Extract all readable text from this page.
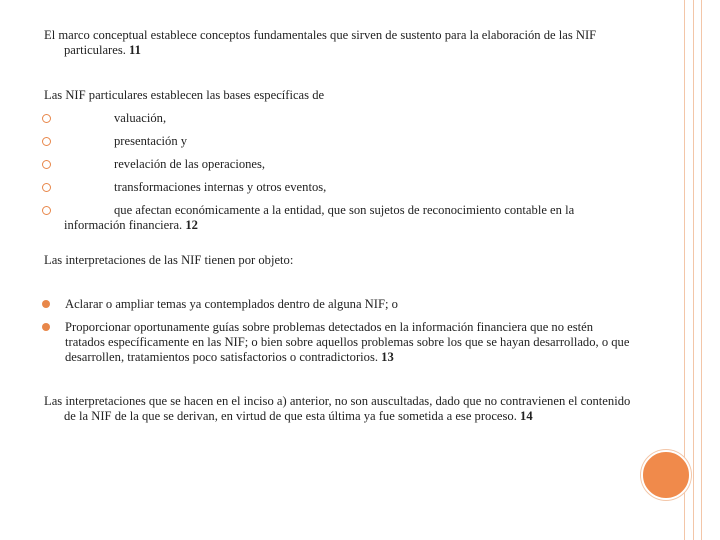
El marco conceptual establece conceptos fundamentales que sirven de sustento para la elaboración de las NIF particulares. 11

Las NIF particulares establecen las bases específicas de

valuación,
presentación y
revelación de las operaciones,
transformaciones internas y otros eventos,
que afectan económicamente a la entidad, que son sujetos de reconocimiento contable en la información financiera. 12

Las interpretaciones de las NIF tienen por objeto:

Aclarar o ampliar temas ya contemplados dentro de alguna NIF; o
Proporcionar oportunamente guías sobre problemas detectados en la información financiera que no estén tratados específicamente en las NIF; o bien sobre aquellos problemas sobre los que se hayan desarrollado, o que desarrollen, tratamientos poco satisfactorios o contradictorios. 13

Las interpretaciones que se hacen en el inciso a) anterior, no son auscultadas, dado que no contravienen el contenido de la NIF de la que se derivan, en virtud de que esta última ya fue sometida a ese proceso. 14
